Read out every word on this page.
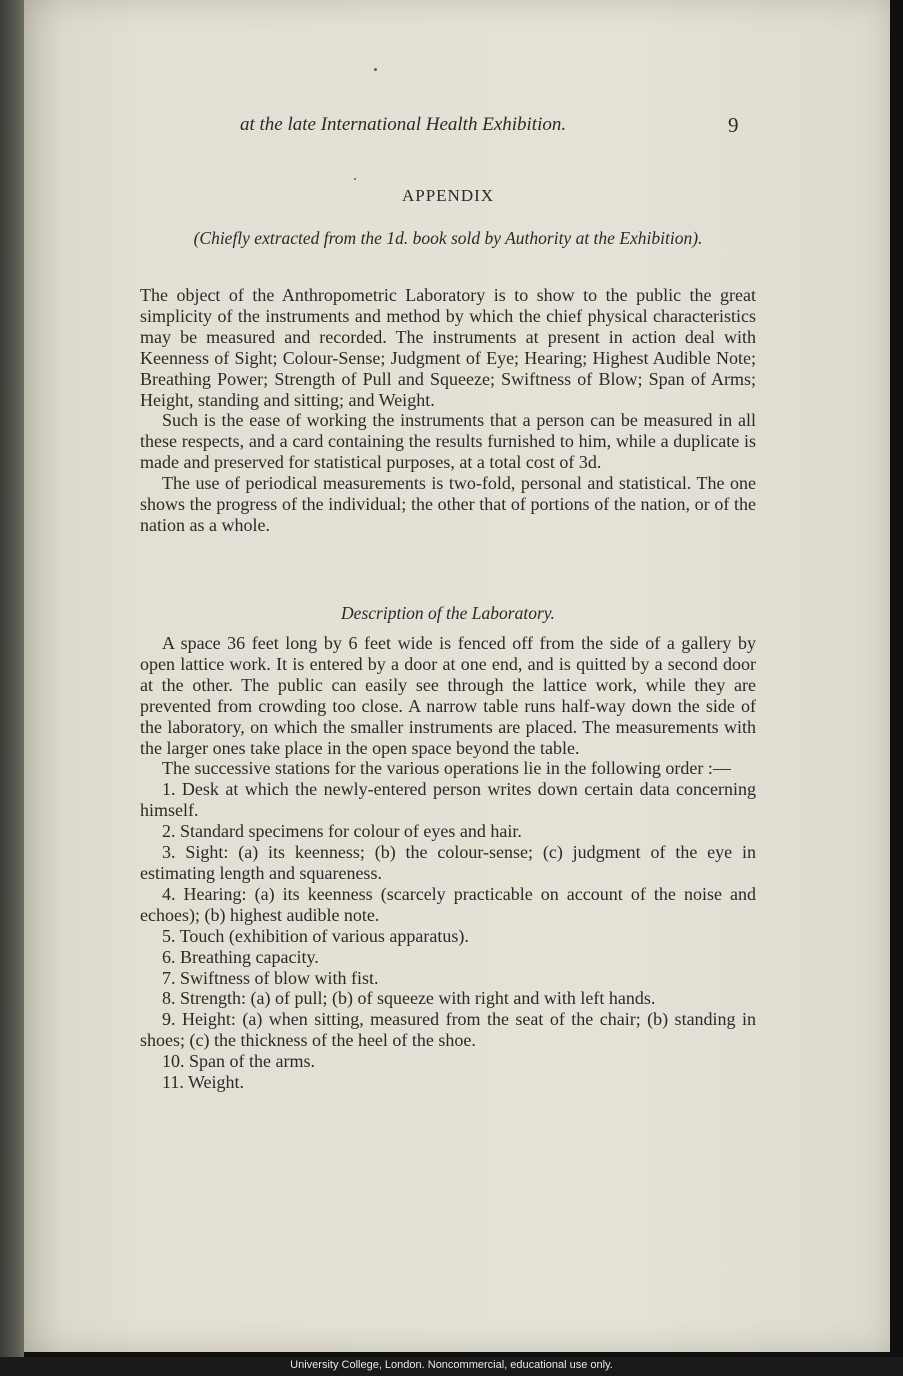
at the late International Health Exhibition.	9
APPENDIX
(Chiefly extracted from the 1d. book sold by Authority at the Exhibition).

The object of the Anthropometric Laboratory is to show to the public the great simplicity of the instruments and method by which the chief physical characteristics may be measured and recorded. The instruments at present in action deal with Keenness of Sight; Colour-Sense; Judgment of Eye; Hearing; Highest Audible Note; Breathing Power; Strength of Pull and Squeeze; Swiftness of Blow; Span of Arms; Height, standing and sitting; and Weight.

Such is the ease of working the instruments that a person can be measured in all these respects, and a card containing the results furnished to him, while a duplicate is made and preserved for statistical purposes, at a total cost of 3d.

The use of periodical measurements is two-fold, personal and statistical. The one shows the progress of the individual; the other that of portions of the nation, or of the nation as a whole.

Description of the Laboratory.

A space 36 feet long by 6 feet wide is fenced off from the side of a gallery by open lattice work. It is entered by a door at one end, and is quitted by a second door at the other. The public can easily see through the lattice work, while they are prevented from crowding too close. A narrow table runs half-way down the side of the laboratory, on which the smaller instruments are placed. The measurements with the larger ones take place in the open space beyond the table.

The successive stations for the various operations lie in the following order :—

1. Desk at which the newly-entered person writes down certain data concerning himself.
2. Standard specimens for colour of eyes and hair.
3. Sight: (a) its keenness; (b) the colour-sense; (c) judgment of the eye in estimating length and squareness.
4. Hearing: (a) its keenness (scarcely practicable on account of the noise and echoes); (b) highest audible note.
5. Touch (exhibition of various apparatus).
6. Breathing capacity.
7. Swiftness of blow with fist.
8. Strength: (a) of pull; (b) of squeeze with right and with left hands.
9. Height: (a) when sitting, measured from the seat of the chair; (b) standing in shoes; (c) the thickness of the heel of the shoe.
10. Span of the arms.
11. Weight.
University College, London. Noncommercial, educational use only.
